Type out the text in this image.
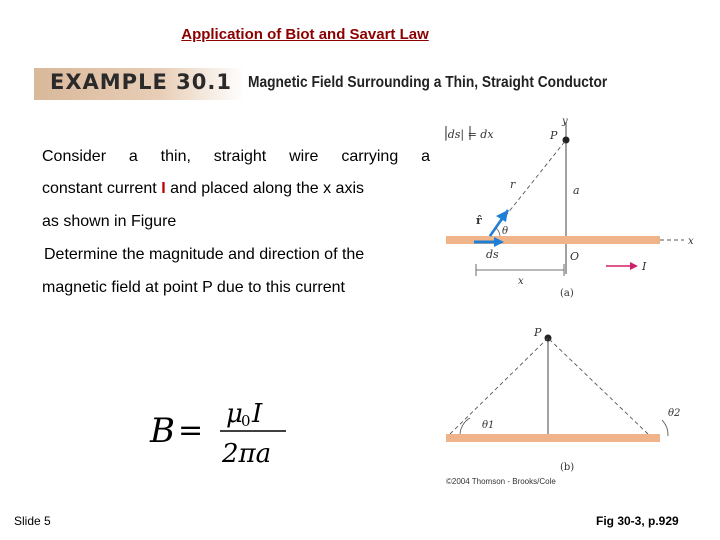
Application of Biot and Savart Law
EXAMPLE 30.1 Magnetic Field Surrounding a Thin, Straight Conductor
Consider a thin, straight wire carrying a
constant current I and placed along the x axis
as shown in Figure
Determine the magnitude and direction of the
magnetic field at point P due to this current
B = μ
0 I
2πa
|ds| = dx
y
P
r	a
x
r̂
θ
ds	O
I
x
(a)
P
θ1
θ2
(b)
©2004 Thomson - Brooks/Cole
Slide 5	Fig 30-3, p.929
